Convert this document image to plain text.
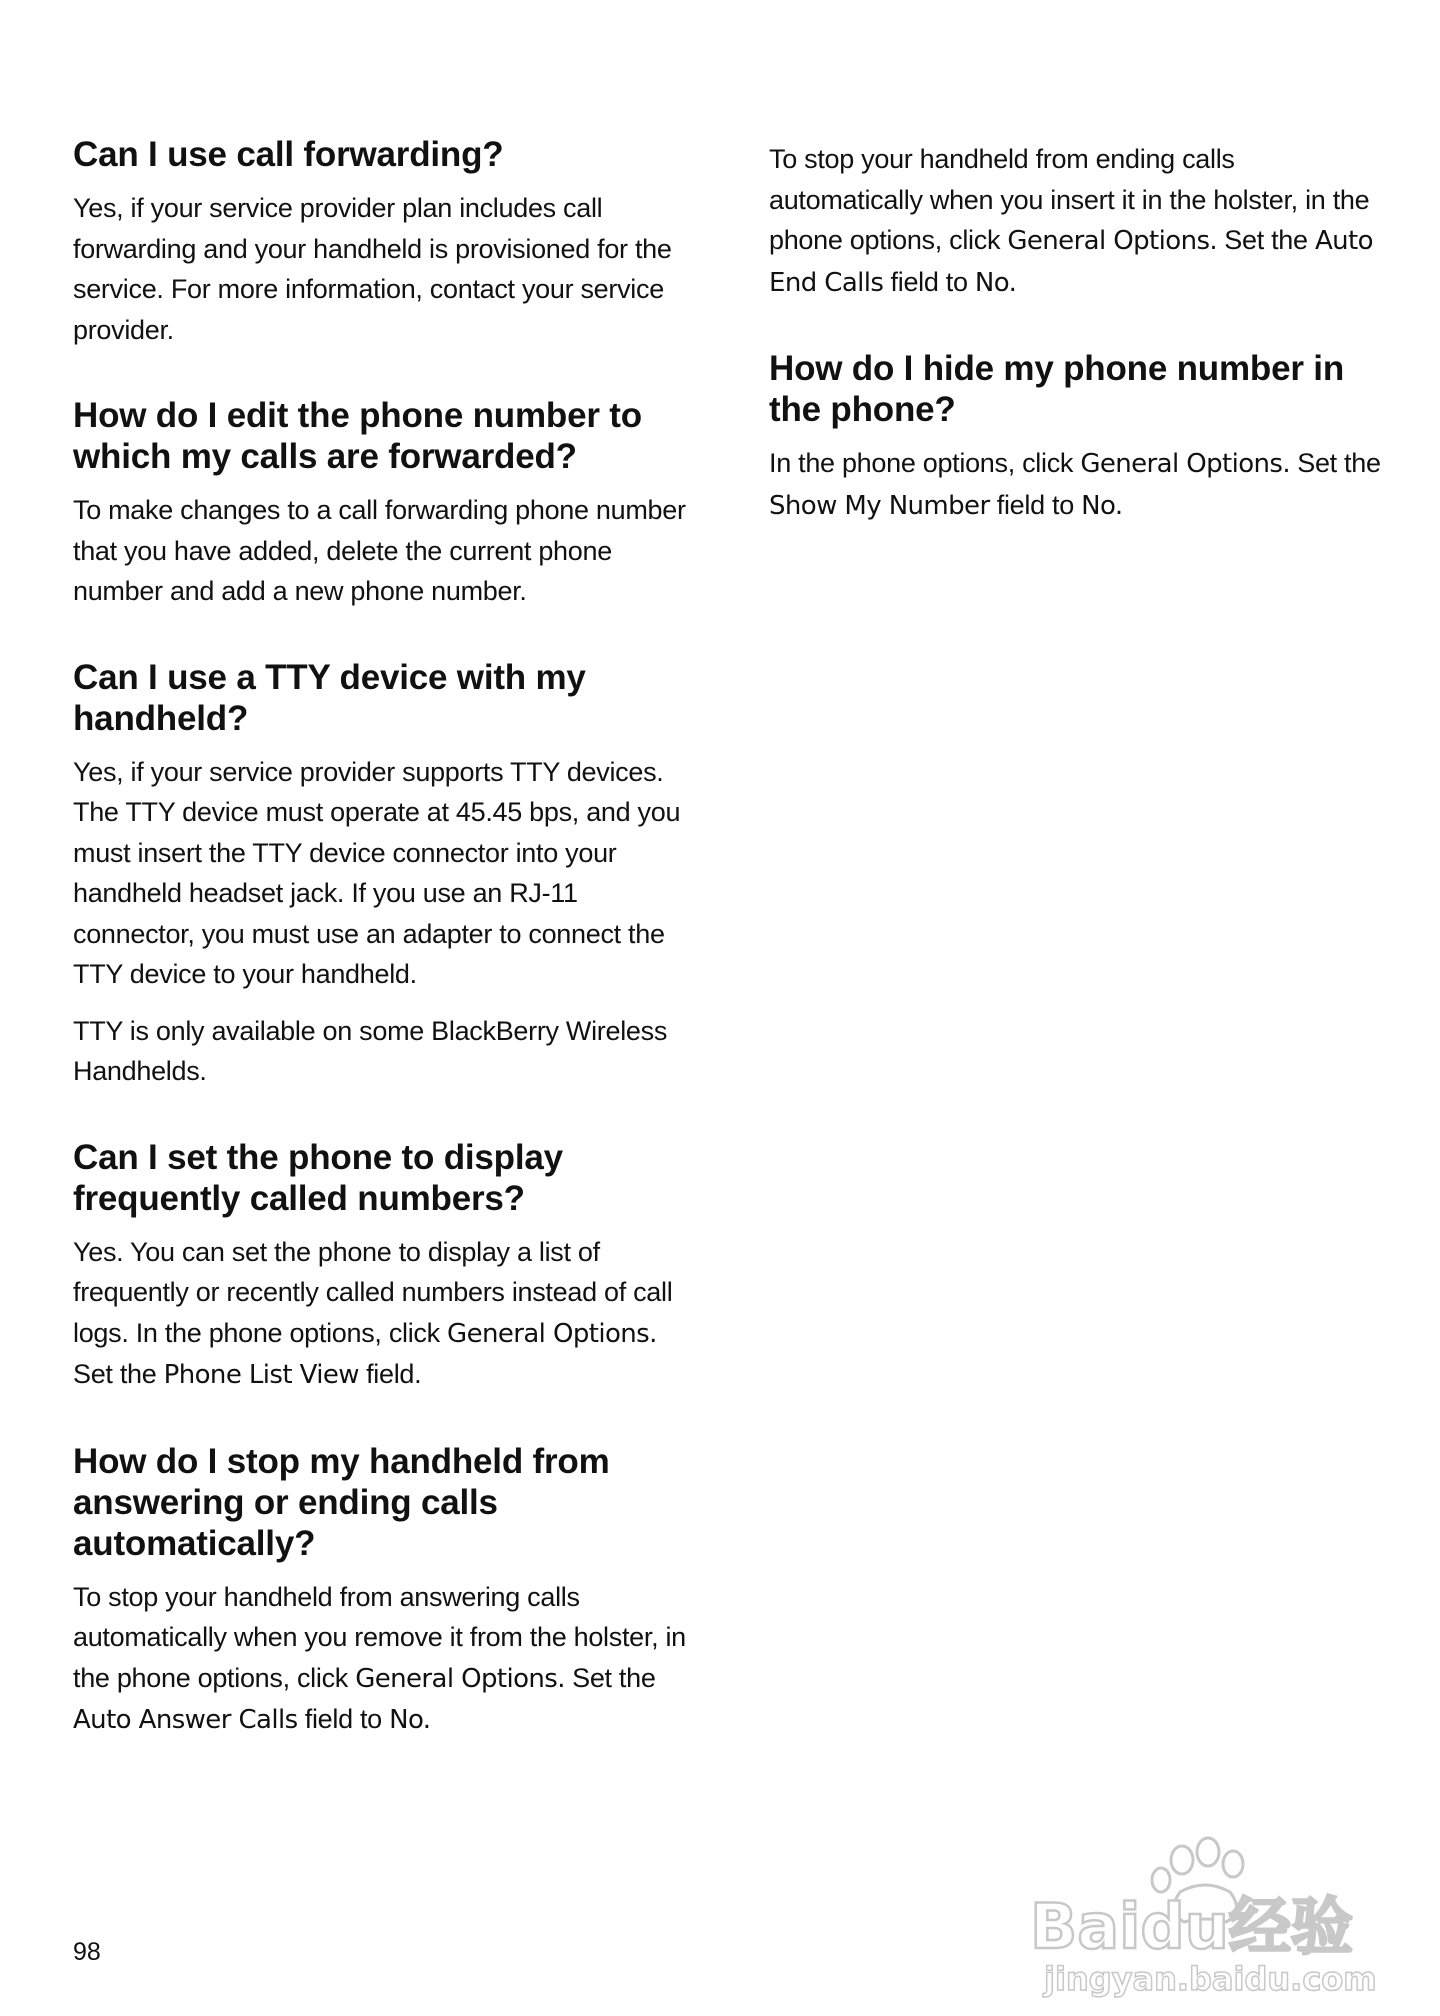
Can I use call forwarding?

Yes, if your service provider plan includes call forwarding and your handheld is provisioned for the service. For more information, contact your service provider.

How do I edit the phone number to which my calls are forwarded?

To make changes to a call forwarding phone number that you have added, delete the current phone number and add a new phone number.

Can I use a TTY device with my handheld?

Yes, if your service provider supports TTY devices. The TTY device must operate at 45.45 bps, and you must insert the TTY device connector into your handheld headset jack. If you use an RJ-11 connector, you must use an adapter to connect the TTY device to your handheld.

TTY is only available on some BlackBerry Wireless Handhelds.

Can I set the phone to display frequently called numbers?

Yes. You can set the phone to display a list of frequently or recently called numbers instead of call logs. In the phone options, click General Options. Set the Phone List View field.

How do I stop my handheld from answering or ending calls automatically?

To stop your handheld from answering calls automatically when you remove it from the holster, in the phone options, click General Options. Set the Auto Answer Calls field to No.

To stop your handheld from ending calls automatically when you insert it in the holster, in the phone options, click General Options. Set the Auto End Calls field to No.

How do I hide my phone number in the phone?

In the phone options, click General Options. Set the Show My Number field to No.

98	Baidu经验
jingyan.baidu.com
